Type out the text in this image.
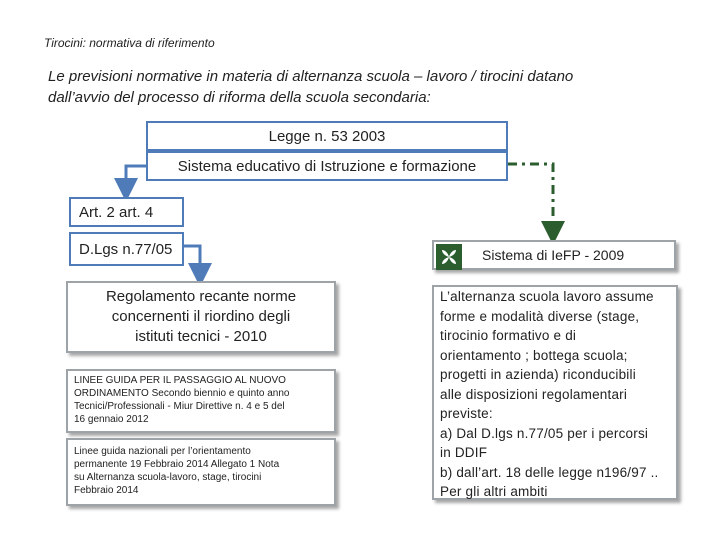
Tirocini: normativa di riferimento
Le previsioni normative in materia di alternanza scuola – lavoro / tirocini datano
dall’avvio del processo di riforma della scuola secondaria:
Legge n. 53 2003
Sistema educativo di Istruzione e formazione
Art. 2 art. 4
D.Lgs n.77/05
Regolamento recante norme
concernenti il riordino degli
istituti tecnici - 2010
LINEE GUIDA PER IL PASSAGGIO AL NUOVO
ORDINAMENTO Secondo biennio e quinto anno
Tecnici/Professionali - Miur Direttive n. 4 e 5 del
16 gennaio 2012
Linee guida nazionali per l’orientamento
permanente 19 Febbraio 2014 Allegato 1 Nota
su Alternanza scuola-lavoro, stage, tirocini
Febbraio 2014
Sistema di IeFP - 2009
L’alternanza scuola lavoro assume
forme e modalità diverse (stage,
tirocinio formativo e di
orientamento ; bottega scuola;
progetti in azienda) riconducibili
alle disposizioni regolamentari
previste:
a) Dal D.lgs n.77/05 per i percorsi
in DDIF
b) dall’art. 18 delle legge n196/97 ..
Per gli altri ambiti
